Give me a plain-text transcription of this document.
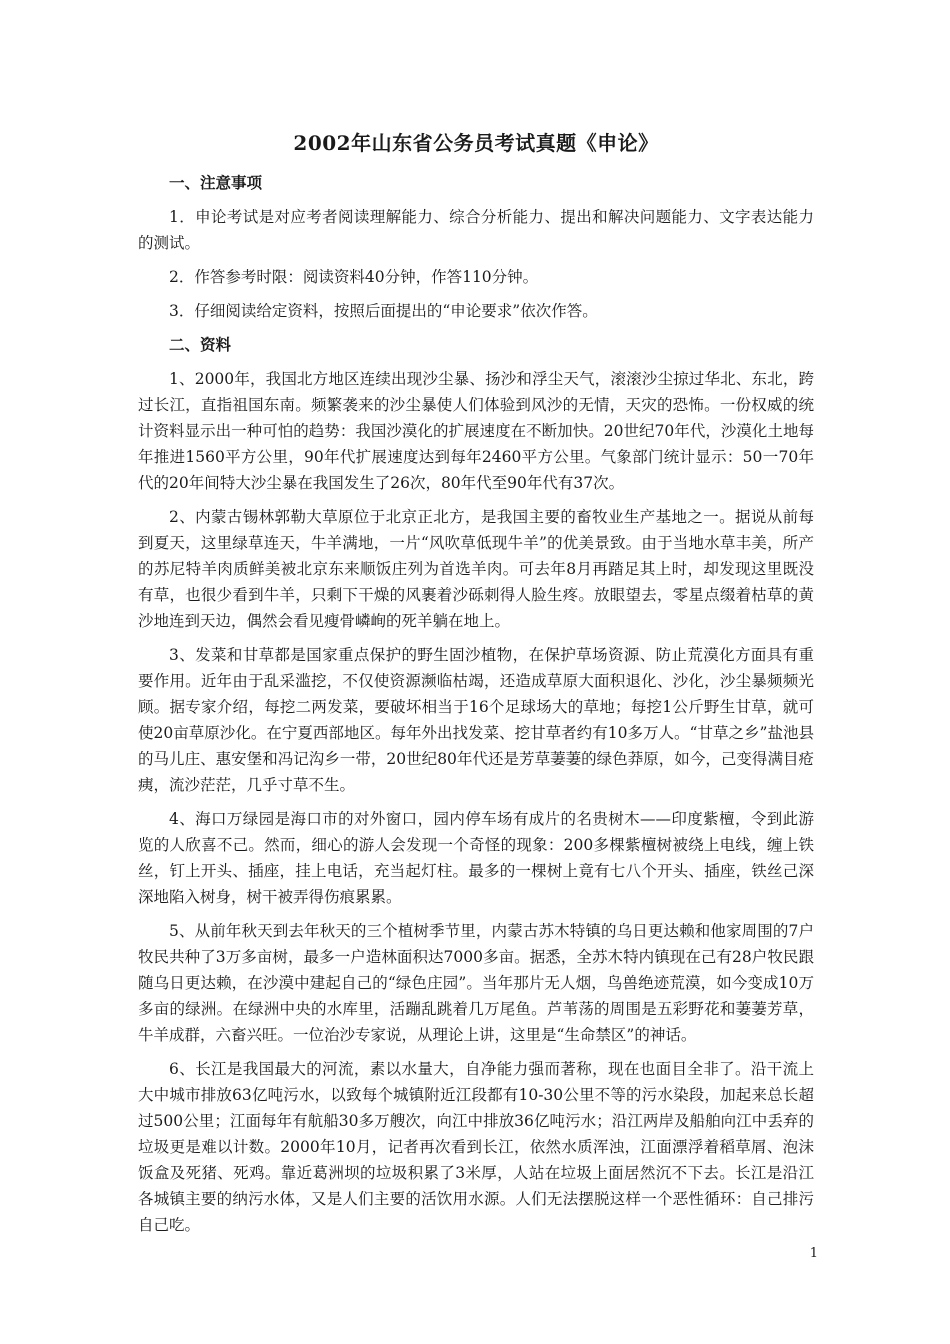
2002年山东省公务员考试真题《申论》
一、注意事项
1．申论考试是对应考者阅读理解能力、综合分析能力、提出和解决问题能力、文字表达能力的测试。
2．作答参考时限：阅读资料40分钟，作答110分钟。
3．仔细阅读给定资料，按照后面提出的“申论要求”依次作答。
二、资料
1、2000年，我国北方地区连续出现沙尘暴、扬沙和浮尘天气，滚滚沙尘掠过华北、东北，跨过长江，直指祖国东南。频繁袭来的沙尘暴使人们体验到风沙的无情，天灾的恐怖。一份权威的统计资料显示出一种可怕的趋势：我国沙漠化的扩展速度在不断加快。20世纪70年代，沙漠化土地每年推进1560平方公里，90年代扩展速度达到每年2460平方公里。气象部门统计显示：50一70年代的20年间特大沙尘暴在我国发生了26次，80年代至90年代有37次。
2、内蒙古锡林郭勒大草原位于北京正北方，是我国主要的畜牧业生产基地之一。据说从前每到夏天，这里绿草连天，牛羊满地，一片“风吹草低现牛羊”的优美景致。由于当地水草丰美，所产的苏尼特羊肉质鲜美被北京东来顺饭庄列为首选羊肉。可去年8月再踏足其上时，却发现这里既没有草，也很少看到牛羊，只剩下干燥的风裹着沙砾刺得人脸生疼。放眼望去，零星点缀着枯草的黄沙地连到天边，偶然会看见瘦骨嶙峋的死羊躺在地上。
3、发菜和甘草都是国家重点保护的野生固沙植物，在保护草场资源、防止荒漠化方面具有重要作用。近年由于乱采滥挖，不仅使资源濒临枯竭，还造成草原大面积退化、沙化，沙尘暴频频光顾。据专家介绍，每挖二两发菜，要破坏相当于16个足球场大的草地；每挖1公斤野生甘草，就可使20亩草原沙化。在宁夏西部地区。每年外出找发菜、挖甘草者约有10多万人。“甘草之乡”盐池县的马儿庄、惠安堡和冯记沟乡一带，20世纪80年代还是芳草萋萋的绿色莽原，如今，己变得满目疮痍，流沙茫茫，几乎寸草不生。
4、海口万绿园是海口市的对外窗口，园内停车场有成片的名贵树木——印度紫檀，令到此游览的人欣喜不己。然而，细心的游人会发现一个奇怪的现象：200多棵紫檀树被绕上电线，缠上铁丝，钉上开头、插座，挂上电话，充当起灯柱。最多的一棵树上竟有七八个开头、插座，铁丝己深深地陷入树身，树干被弄得伤痕累累。
5、从前年秋天到去年秋天的三个植树季节里，内蒙古苏木特镇的乌日更达赖和他家周围的7户牧民共种了3万多亩树，最多一户造林面积达7000多亩。据悉，全苏木特内镇现在己有28户牧民跟随乌日更达赖，在沙漠中建起自己的“绿色庄园”。当年那片无人烟，鸟兽绝迹荒漠，如今变成10万多亩的绿洲。在绿洲中央的水库里，活蹦乱跳着几万尾鱼。芦苇荡的周围是五彩野花和萋萋芳草，牛羊成群，六畜兴旺。一位治沙专家说，从理论上讲，这里是“生命禁区”的神话。
6、长江是我国最大的河流，素以水量大，自净能力强而著称，现在也面目全非了。沿干流上大中城市排放63亿吨污水，以致每个城镇附近江段都有10-30公里不等的污水染段，加起来总长超过500公里；江面每年有航船30多万艘次，向江中排放36亿吨污水；沿江两岸及船舶向江中丢弃的垃圾更是难以计数。2000年10月，记者再次看到长江，依然水质浑浊，江面漂浮着稻草屑、泡沫饭盒及死猪、死鸡。靠近葛洲坝的垃圾积累了3米厚，人站在垃圾上面居然沉不下去。长江是沿江各城镇主要的纳污水体，又是人们主要的活饮用水源。人们无法摆脱这样一个恶性循环：自己排污自己吃。
1
